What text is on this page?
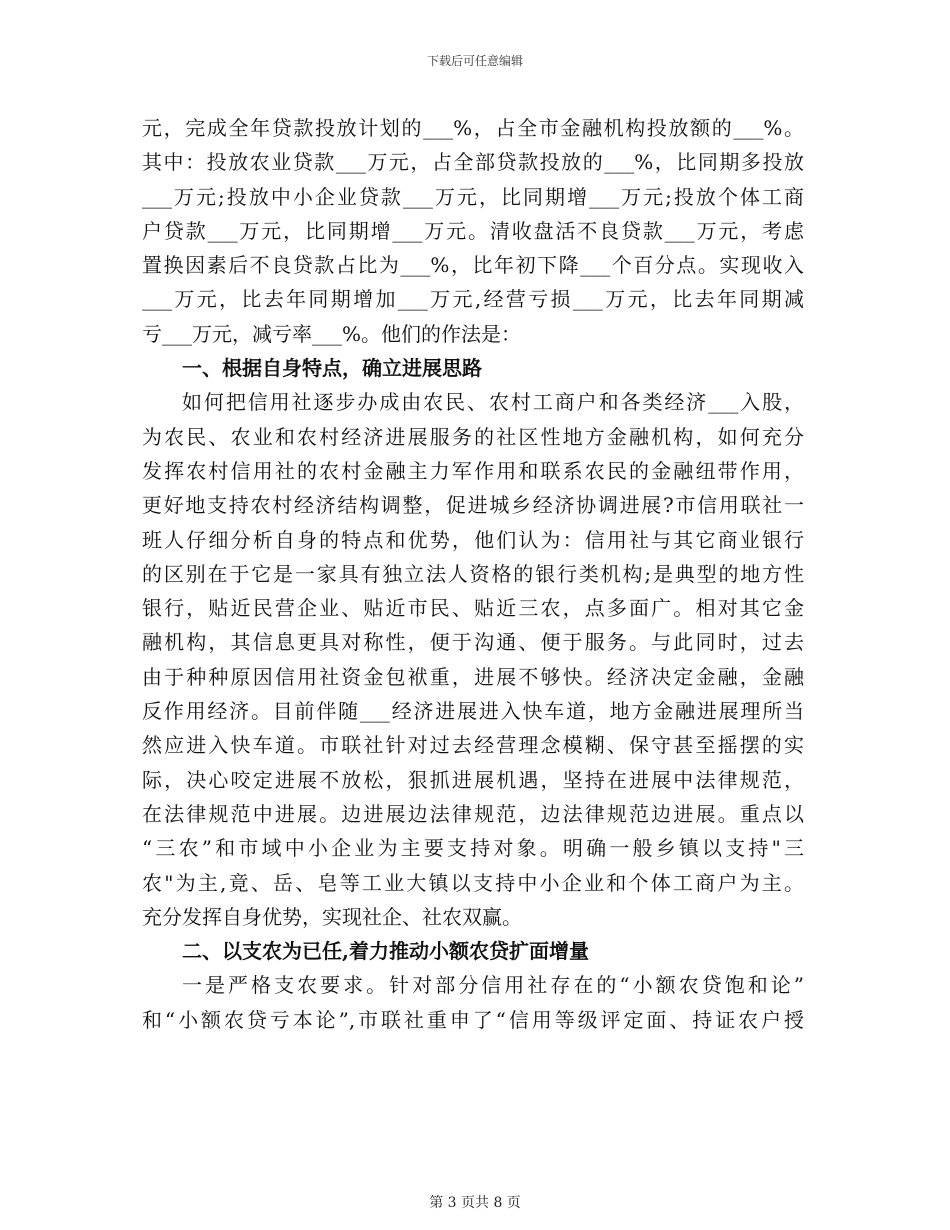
下载后可任意编辑
元，完成全年贷款投放计划的___%，占全市金融机构投放额的___%。
其中：投放农业贷款___万元，占全部贷款投放的___%，比同期多投放
___万元;投放中小企业贷款___万元，比同期增___万元;投放个体工商
户贷款___万元，比同期增___万元。清收盘活不良贷款___万元，考虑
置换因素后不良贷款占比为___%，比年初下降___个百分点。实现收入
___万元，比去年同期增加___万元,经营亏损___万元，比去年同期减
亏___万元，减亏率___%。他们的作法是：
一、根据自身特点，确立进展思路
如何把信用社逐步办成由农民、农村工商户和各类经济___入股，
为农民、农业和农村经济进展服务的社区性地方金融机构，如何充分
发挥农村信用社的农村金融主力军作用和联系农民的金融纽带作用，
更好地支持农村经济结构调整，促进城乡经济协调进展?市信用联社一
班人仔细分析自身的特点和优势，他们认为：信用社与其它商业银行
的区别在于它是一家具有独立法人资格的银行类机构;是典型的地方性
银行，贴近民营企业、贴近市民、贴近三农，点多面广。相对其它金
融机构，其信息更具对称性，便于沟通、便于服务。与此同时，过去
由于种种原因信用社资金包袱重，进展不够快。经济决定金融，金融
反作用经济。目前伴随___经济进展进入快车道，地方金融进展理所当
然应进入快车道。市联社针对过去经营理念模糊、保守甚至摇摆的实
际，决心咬定进展不放松，狠抓进展机遇，坚持在进展中法律规范，
在法律规范中进展。边进展边法律规范，边法律规范边进展。重点以
“三农”和市域中小企业为主要支持对象。明确一般乡镇以支持"三
农"为主,竟、岳、皂等工业大镇以支持中小企业和个体工商户为主。
充分发挥自身优势，实现社企、社农双赢。
二、以支农为已任,着力推动小额农贷扩面增量
一是严格支农要求。针对部分信用社存在的“小额农贷饱和论”
和“小额农贷亏本论”,市联社重申了“信用等级评定面、持证农户授
第 3 页共 8 页
